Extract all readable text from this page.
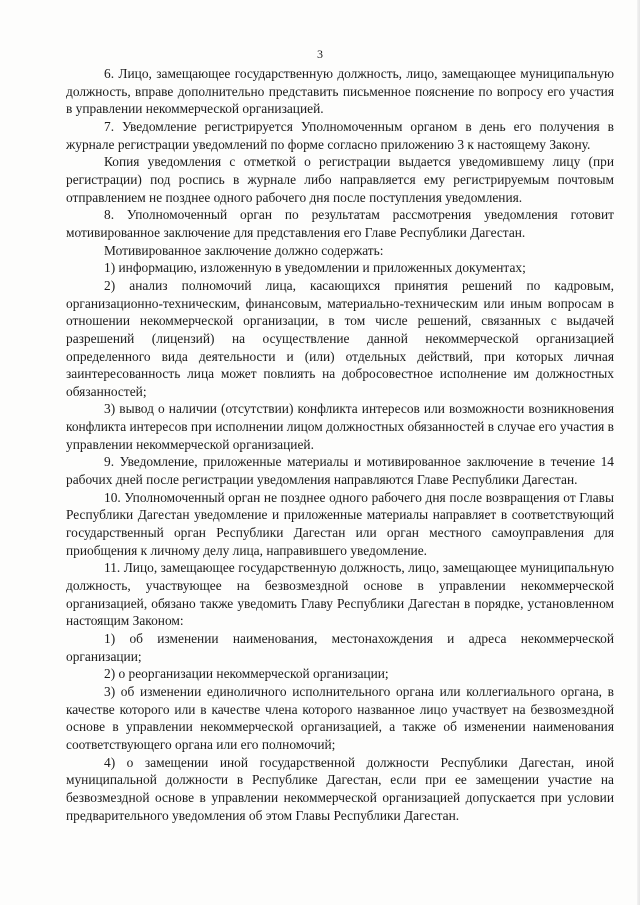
3

6. Лицо, замещающее государственную должность, лицо, замещающее муниципальную должность, вправе дополнительно представить письменное пояснение по вопросу его участия в управлении некоммерческой организацией.

7. Уведомление регистрируется Уполномоченным органом в день его получения в журнале регистрации уведомлений по форме согласно приложению 3 к настоящему Закону.

Копия уведомления с отметкой о регистрации выдается уведомившему лицу (при регистрации) под роспись в журнале либо направляется ему регистрируемым почтовым отправлением не позднее одного рабочего дня после поступления уведомления.

8. Уполномоченный орган по результатам рассмотрения уведомления готовит мотивированное заключение для представления его Главе Республики Дагестан.

Мотивированное заключение должно содержать:

1) информацию, изложенную в уведомлении и приложенных документах;

2) анализ полномочий лица, касающихся принятия решений по кадровым, организационно-техническим, финансовым, материально-техническим или иным вопросам в отношении некоммерческой организации, в том числе решений, связанных с выдачей разрешений (лицензий) на осуществление данной некоммерческой организацией определенного вида деятельности и (или) отдельных действий, при которых личная заинтересованность лица может повлиять на добросовестное исполнение им должностных обязанностей;

3) вывод о наличии (отсутствии) конфликта интересов или возможности возникновения конфликта интересов при исполнении лицом должностных обязанностей в случае его участия в управлении некоммерческой организацией.

9. Уведомление, приложенные материалы и мотивированное заключение в течение 14 рабочих дней после регистрации уведомления направляются Главе Республики Дагестан.

10. Уполномоченный орган не позднее одного рабочего дня после возвращения от Главы Республики Дагестан уведомление и приложенные материалы направляет в соответствующий государственный орган Республики Дагестан или орган местного самоуправления для приобщения к личному делу лица, направившего уведомление.

11. Лицо, замещающее государственную должность, лицо, замещающее муниципальную должность, участвующее на безвозмездной основе в управлении некоммерческой организацией, обязано также уведомить Главу Республики Дагестан в порядке, установленном настоящим Законом:

1) об изменении наименования, местонахождения и адреса некоммерческой организации;

2) о реорганизации некоммерческой организации;

3) об изменении единоличного исполнительного органа или коллегиального органа, в качестве которого или в качестве члена которого названное лицо участвует на безвозмездной основе в управлении некоммерческой организацией, а также об изменении наименования соответствующего органа или его полномочий;

4) о замещении иной государственной должности Республики Дагестан, иной муниципальной должности в Республике Дагестан, если при ее замещении участие на безвозмездной основе в управлении некоммерческой организацией допускается при условии предварительного уведомления об этом Главы Республики Дагестан.
